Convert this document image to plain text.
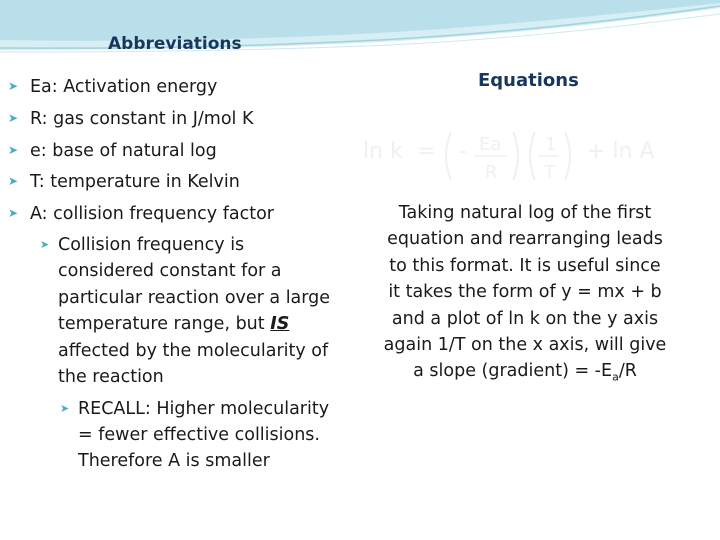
Abbreviations
➤ Ea: Activation energy
➤ R: gas constant in J/mol K
➤ e: base of natural log
➤ T: temperature in Kelvin
➤ A: collision frequency factor
➤ Collision frequency is
considered constant for a
particular reaction over a large
temperature range, but IS
affected by the molecularity of
the reaction
➤ RECALL: Higher molecularity
= fewer effective collisions.
Therefore A is smaller
Equations
ln k = - Ea
R
1
T
+ ln A
Taking natural log of the first
equation and rearranging leads
to this format. It is useful since
it takes the form of y = mx + b
and a plot of ln k on the y axis
again 1/T on the x axis, will give
a slope (gradient) = $-E_a/R$
